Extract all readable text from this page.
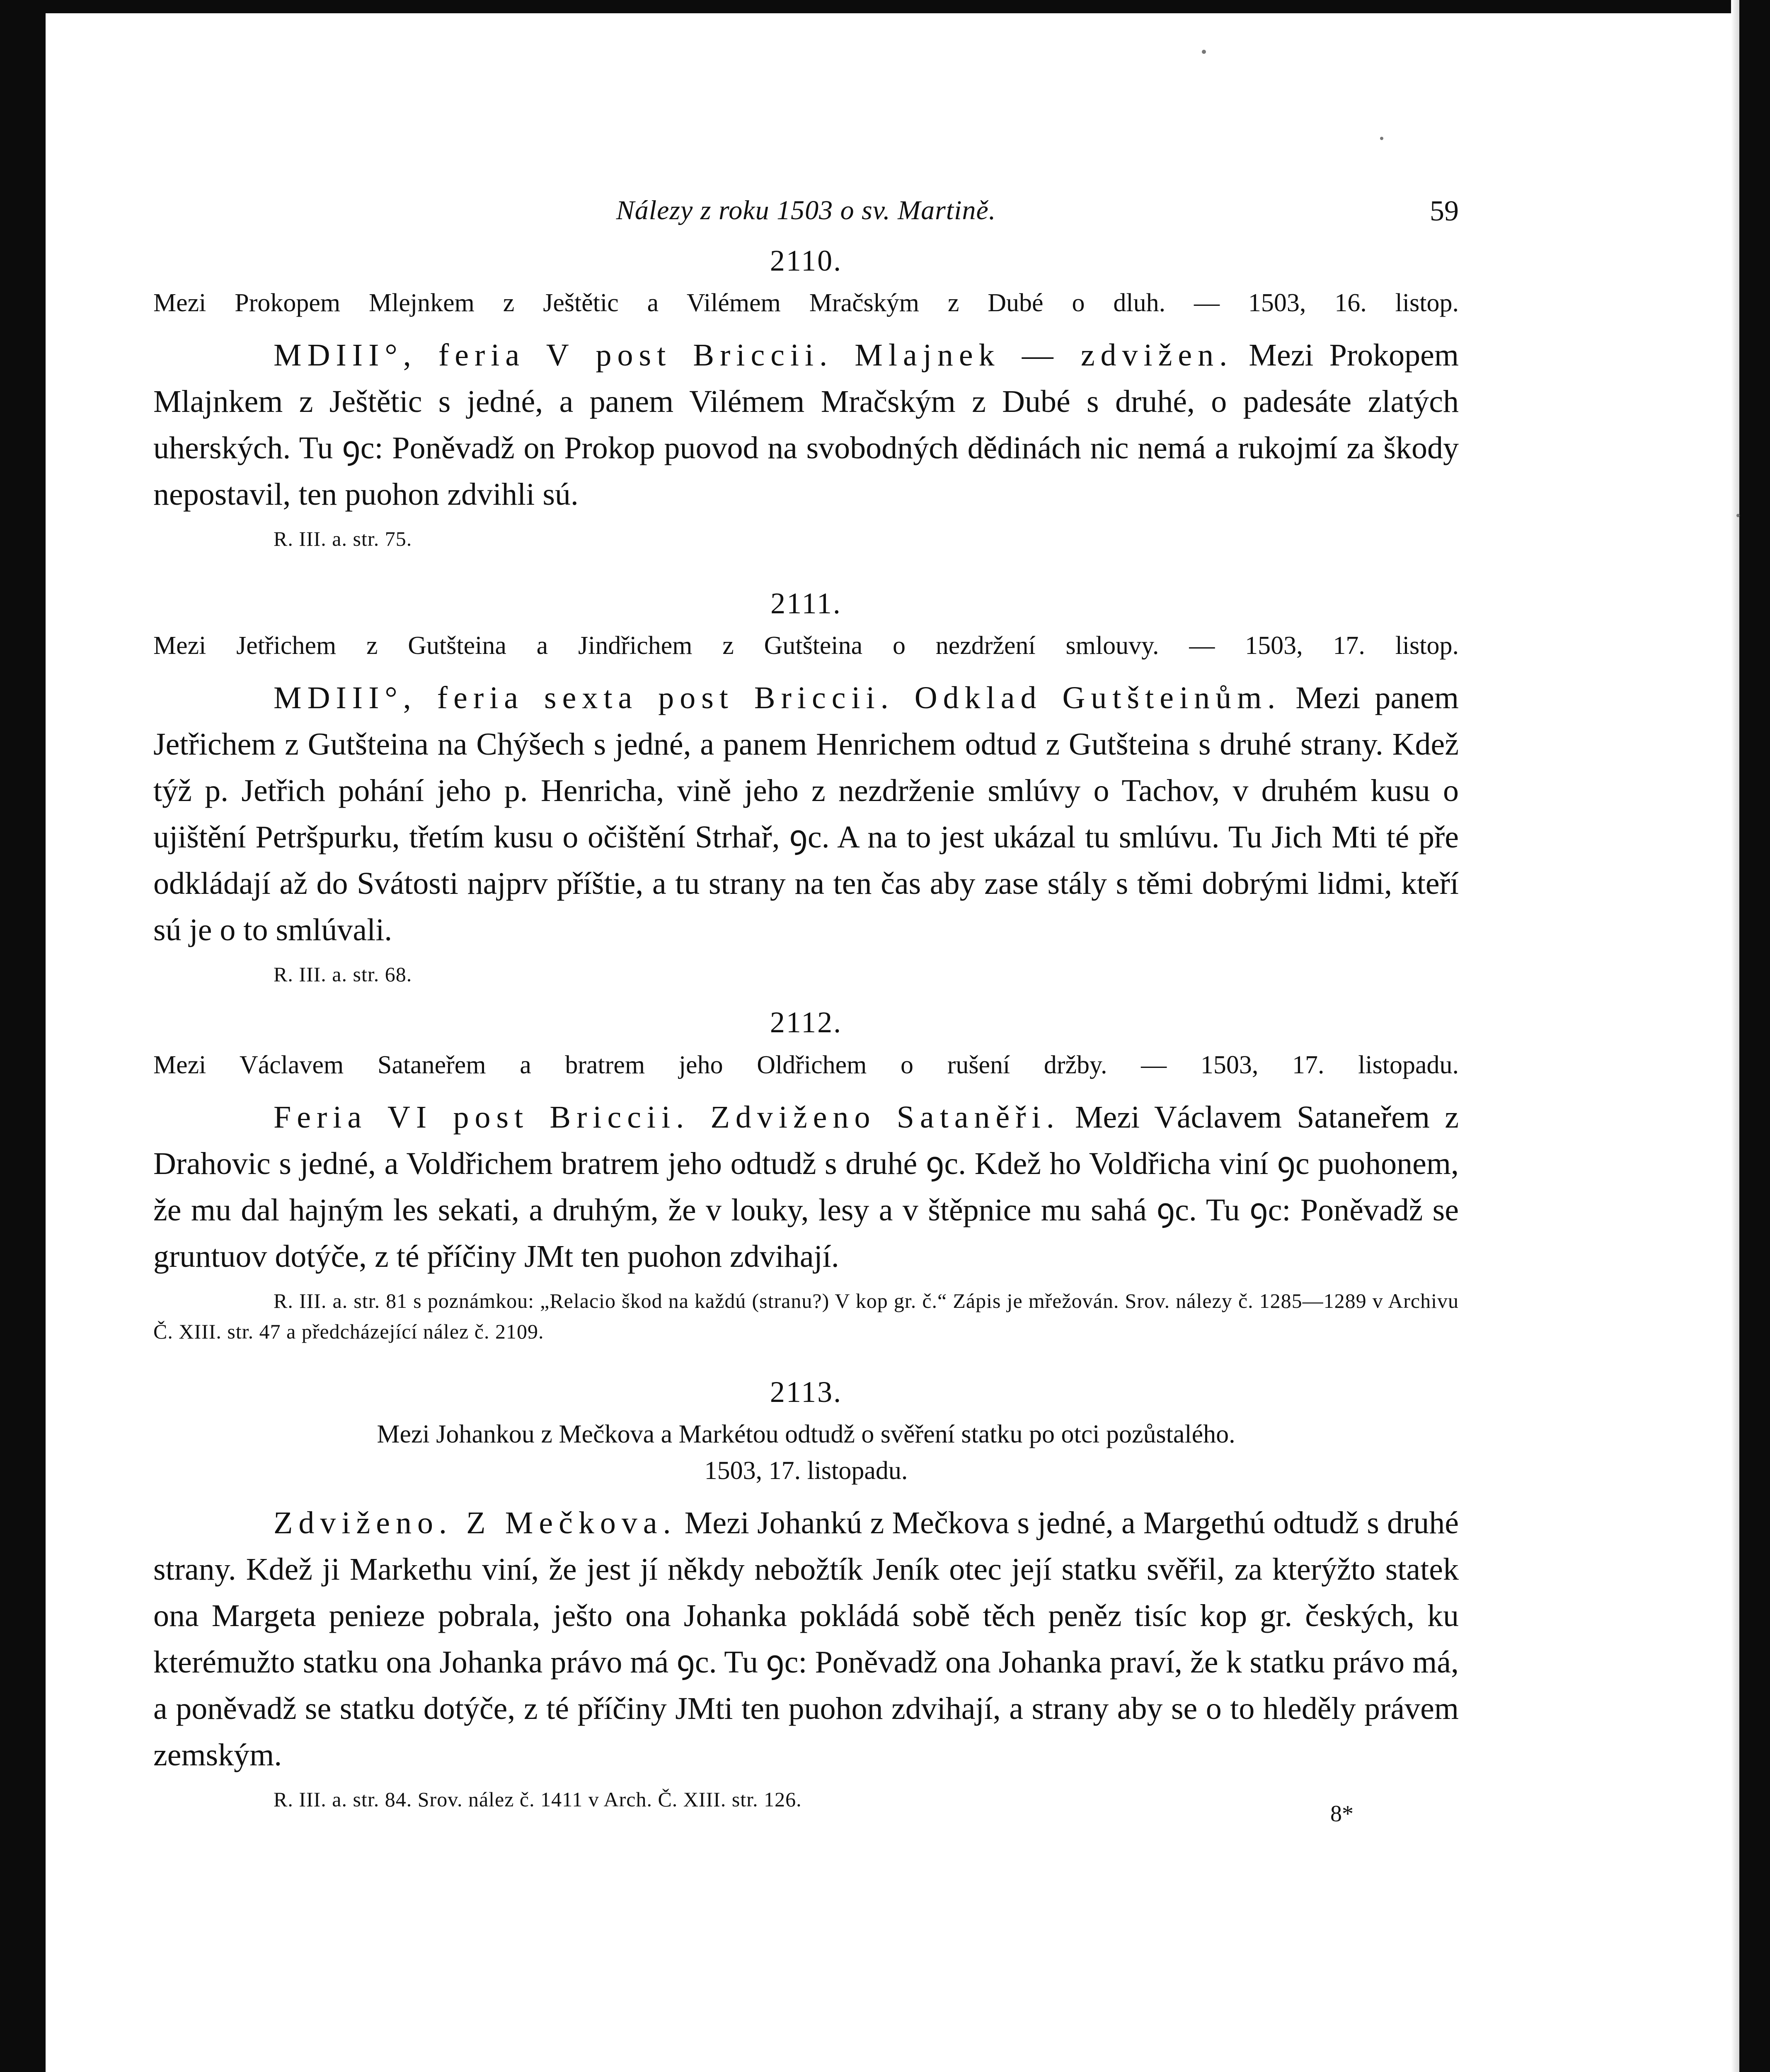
Nálezy z roku 1503 o sv. Martině.	59
2110.

Mezi Prokopem Mlejnkem z Ještětic a Vilémem Mračským z Dubé o dluh. — 1503, 16. listop.

MDIII°, feria V post Briccii. Mlajnek — zdvižen. Mezi Prokopem Mlajnkem z Ještětic s jedné, a panem Vilémem Mračským z Dubé s druhé, o padesáte zlatých uherských. Tu ꝯc: Poněvadž on Prokop puovod na svobodných dědinách nic nemá a rukojmí za škody nepostavil, ten puohon zdvihli sú.

R. III. a. str. 75.

2111.

Mezi Jetřichem z Gutšteina a Jindřichem z Gutšteina o nezdržení smlouvy. — 1503, 17. listop.

MDIII°, feria sexta post Briccii. Odklad Gutšteinům. Mezi panem Jetřichem z Gutšteina na Chýšech s jedné, a panem Henrichem odtud z Gutšteina s druhé strany. Kdež týž p. Jetřich pohání jeho p. Henricha, vině jeho z nezdrženie smlúvy o Tachov, v druhém kusu o ujištění Petršpurku, třetím kusu o očištění Strhař, ꝯc. A na to jest ukázal tu smlúvu. Tu Jich Mti té pře odkládají až do Svátosti najprv příštie, a tu strany na ten čas aby zase stály s těmi dobrými lidmi, kteří sú je o to smlúvali.

R. III. a. str. 68.

2112.

Mezi Václavem Sataneřem a bratrem jeho Oldřichem o rušení držby. — 1503, 17. listopadu.

Feria VI post Briccii. Zdviženo Sataněři. Mezi Václavem Sataneřem z Drahovic s jedné, a Voldřichem bratrem jeho odtudž s druhé ꝯc. Kdež ho Voldřicha viní ꝯc puohonem, že mu dal hajným les sekati, a druhým, že v louky, lesy a v štěpnice mu sahá ꝯc. Tu ꝯc: Poněvadž se gruntuov dotýče, z té příčiny JMt ten puohon zdvihají.

R. III. a. str. 81 s poznámkou: „Relacio škod na každú (stranu?) V kop gr. č.“ Zápis je mřežován. Srov. nálezy č. 1285—1289 v Archivu Č. XIII. str. 47 a předcházející nález č. 2109.

2113.

Mezi Johankou z Mečkova a Markétou odtudž o svěření statku po otci pozůstalého.
1503, 17. listopadu.

Zdviženo. Z Mečkova. Mezi Johankú z Mečkova s jedné, a Margethú odtudž s druhé strany. Kdež ji Markethu viní, že jest jí někdy nebožtík Jeník otec její statku svěřil, za kterýžto statek ona Margeta penieze pobrala, ješto ona Johanka pokládá sobě těch peněz tisíc kop gr. českých, ku kterémužto statku ona Johanka právo má ꝯc. Tu ꝯc: Poněvadž ona Johanka praví, že k statku právo má, a poněvadž se statku dotýče, z té příčiny JMti ten puohon zdvihají, a strany aby se o to hleděly právem zemským.

R. III. a. str. 84. Srov. nález č. 1411 v Arch. Č. XIII. str. 126.

8*
